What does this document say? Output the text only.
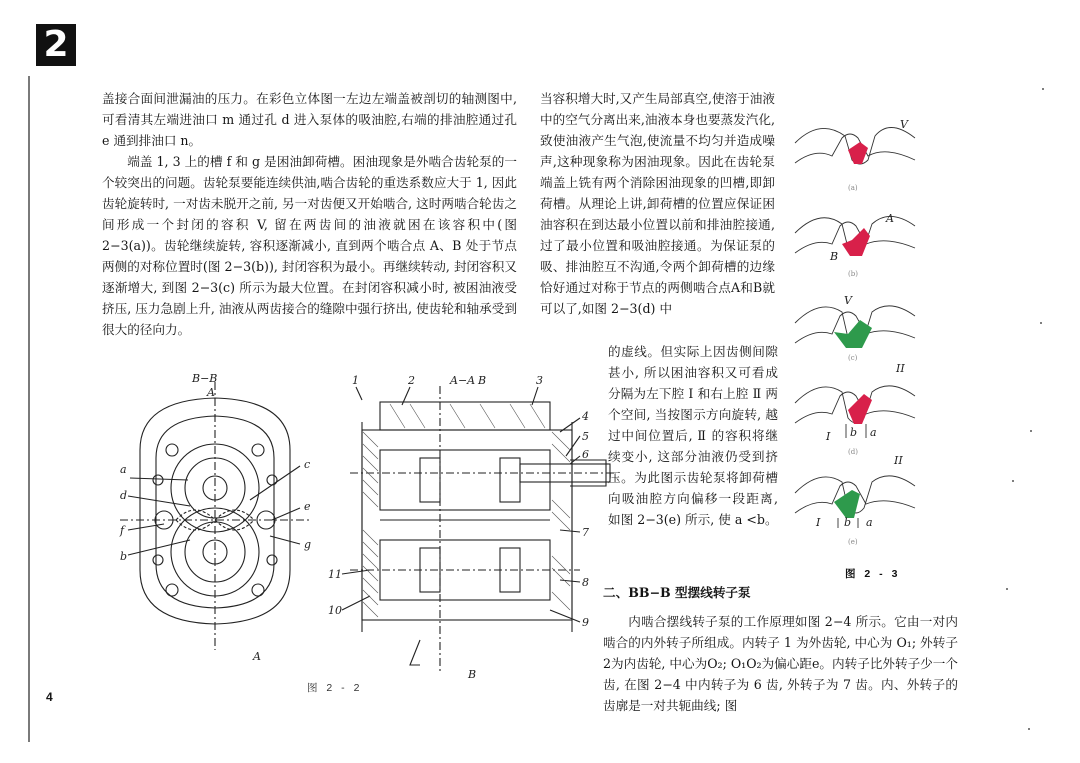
2
4

盖接合面间泄漏油的压力。在彩色立体图一左边左端盖被剖切的轴测图中,可看清其左端进油口 m 通过孔 d 进入泵体的吸油腔,右端的排油腔通过孔 e 通到排油口 n。

端盖 1, 3 上的槽 f 和 g 是困油卸荷槽。困油现象是外啮合齿轮泵的一个较突出的问题。齿轮泵要能连续供油,啮合齿轮的重迭系数应大于 1, 因此齿轮旋转时, 一对齿未脱开之前, 另一对齿便又开始啮合, 这时两啮合轮齿之间形成一个封闭的容积 V, 留在两齿间的油液就困在该容积中(图 2−3(a))。齿轮继续旋转, 容积逐渐减小, 直到两个啮合点 A、B 处于节点两侧的对称位置时(图 2−3(b)), 封闭容积为最小。再继续转动, 封闭容积又逐渐增大, 到图 2−3(c) 所示为最大位置。在封闭容积减小时, 被困油液受挤压, 压力急剧上升, 油液从两齿接合的缝隙中强行挤出, 使齿轮和轴承受到很大的径向力。

当容积增大时,又产生局部真空,使溶于油液中的空气分离出来,油液本身也要蒸发汽化,致使油液产生气泡,使流量不均匀并造成噪声,这种现象称为困油现象。因此在齿轮泵端盖上铣有两个消除困油现象的凹槽,即卸荷槽。从理论上讲,卸荷槽的位置应保证困油容积在到达最小位置以前和排油腔接通,过了最小位置和吸油腔接通。为保证泵的吸、排油腔互不沟通,令两个卸荷槽的边缘恰好通过对称于节点的两侧啮合点A和B就可以了,如图 2−3(d) 中

的虚线。但实际上因齿侧间隙甚小, 所以困油容积又可看成分隔为左下腔 Ⅰ 和右上腔 Ⅱ 两个空间, 当按图示方向旋转, 越过中间位置后, Ⅱ 的容积将继续变小, 这部分油液仍受到挤压。为此图示齿轮泵将卸荷槽向吸油腔方向偏移一段距离, 如图 2−3(e) 所示, 使 a <b。

二、BB−B 型摆线转子泵

内啮合摆线转子泵的工作原理如图 2−4 所示。它由一对内啮合的内外转子所组成。内转子 1 为外齿轮, 中心为 O₁; 外转子2为内齿轮, 中心为O₂; O₁O₂为偏心距e。内转子比外转子少一个齿, 在图 2−4 中内转子为 6 齿, 外转子为 7 齿。内、外转子的齿廓是一对共轭曲线; 图

B−B
A
A
a
d
f
b
c
e
g
A−A B
B
1	2	3
4
5
6
7
8
9
10
11
图 2 - 2
(a)
(b)
(c)
(d)
(e)
V
A
B
V
II
I b a
II
I b a
图 2 - 3
